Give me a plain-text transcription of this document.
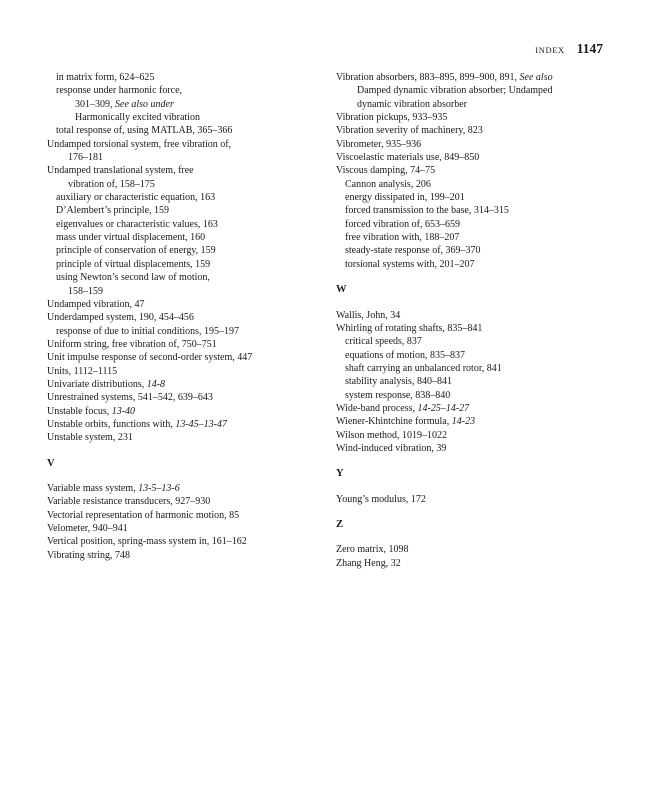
INDEX 1147
in matrix form, 624–625
response under harmonic force,
301–309, See also under
Harmonically excited vibration
total response of, using MATLAB, 365–366
Undamped torsional system, free vibration of,
176–181
Undamped translational system, free
vibration of, 158–175
auxiliary or characteristic equation, 163
D’Alembert’s principle, 159
eigenvalues or characteristic values, 163
mass under virtual displacement, 160
principle of conservation of energy, 159
principle of virtual displacements, 159
using Newton’s second law of motion,
158–159
Undamped vibration, 47
Underdamped system, 190, 454–456
response of due to initial conditions, 195–197
Uniform string, free vibration of, 750–751
Unit impulse response of second-order system, 447
Units, 1112–1115
Univariate distributions, 14-8
Unrestrained systems, 541–542, 639–643
Unstable focus, 13-40
Unstable orbits, functions with, 13-45–13-47
Unstable system, 231
V
Variable mass system, 13-5–13-6
Variable resistance transducers, 927–930
Vectorial representation of harmonic motion, 85
Velometer, 940–941
Vertical position, spring-mass system in, 161–162
Vibrating string, 748
Vibration absorbers, 883–895, 899–900, 891, See also
Damped dynamic vibration absorber; Undamped
dynamic vibration absorber
Vibration pickups, 933–935
Vibration severity of machinery, 823
Vibrometer, 935–936
Viscoelastic materials use, 849–850
Viscous damping, 74–75
Cannon analysis, 206
energy dissipated in, 199–201
forced transmission to the base, 314–315
forced vibration of, 653–659
free vibration with, 188–207
steady-state response of, 369–370
torsional systems with, 201–207
W
Wallis, John, 34
Whirling of rotating shafts, 835–841
critical speeds, 837
equations of motion, 835–837
shaft carrying an unbalanced rotor, 841
stability analysis, 840–841
system response, 838–840
Wide-band process, 14-25–14-27
Wiener-Khintchine formula, 14-23
Wilson method, 1019–1022
Wind-induced vibration, 39
Y
Young’s modulus, 172
Z
Zero matrix, 1098
Zhang Heng, 32
